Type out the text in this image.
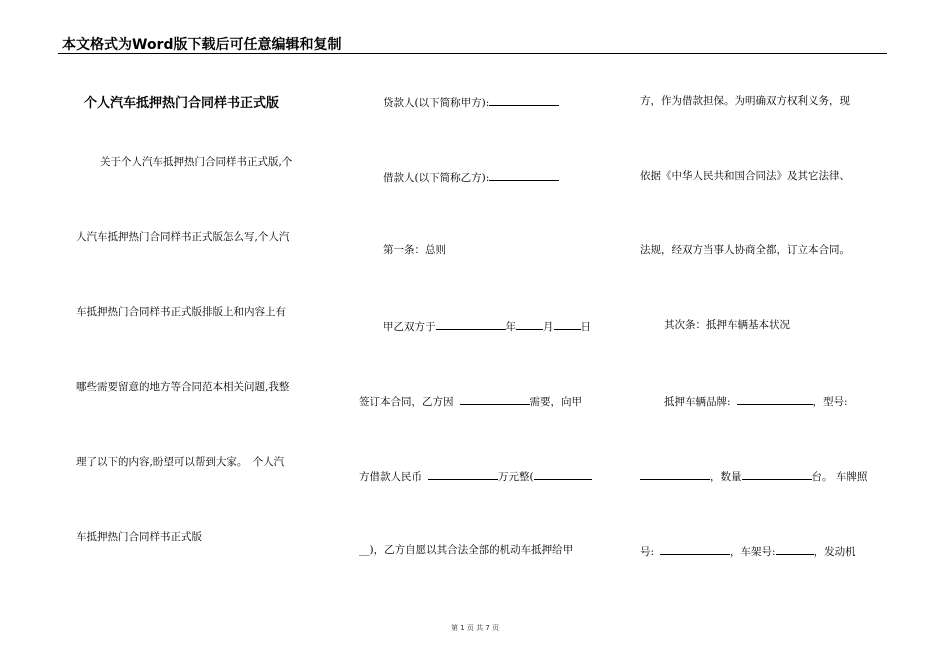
本文格式为Word版下载后可任意编辑和复制
个人汽车抵押热门合同样书正式版
关于个人汽车抵押热门合同样书正式版,个
人汽车抵押热门合同样书正式版怎么写,个人汽
车抵押热门合同样书正式版排版上和内容上有
哪些需要留意的地方等合同范本相关问题,我整
理了以下的内容,盼望可以帮到大家。　个人汽
车抵押热门合同样书正式版
贷款人(以下简称甲方):
借款人(以下简称乙方):
第一条：总则
甲乙双方于	年	月	日
签订本合同，乙方因	需要，向甲
方借款人民币	万元整(
__)，乙方自愿以其合法全部的机动车抵押给甲
方，作为借款担保。为明确双方权利义务，现
依据《中华人民共和国合同法》及其它法律、
法规，经双方当事人协商全都，订立本合同。
其次条：抵押车辆基本状况
抵押车辆品牌:	，型号:
，数量	台。 车牌照
号:	，车架号:	，发动机
第 1 页 共 7 页
